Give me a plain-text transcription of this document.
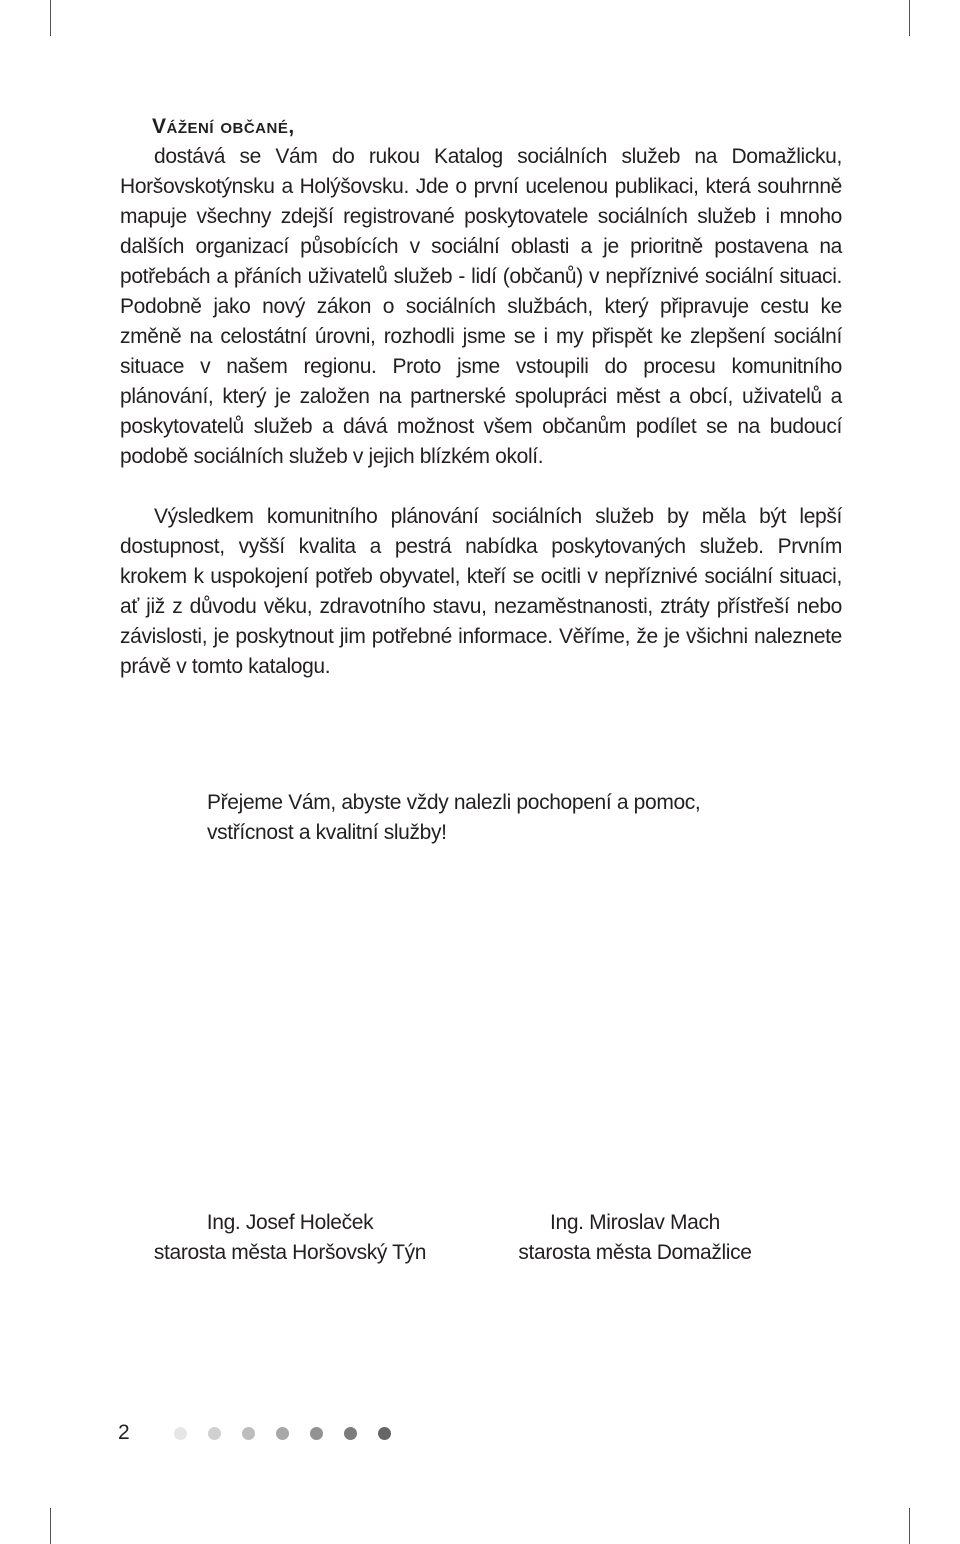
Vážení občané,

dostává se Vám do rukou Katalog sociálních služeb na Domažlicku, Horšovskotýnsku a Holýšovsku. Jde o první ucelenou publikaci, která souhrnně mapuje všechny zdejší registrované poskytovatele sociálních služeb i mnoho dalších organizací působících v sociální oblasti a je prioritně postavena na potřebách a přáních uživatelů služeb - lidí (občanů) v nepříznivé sociální situaci. Podobně jako nový zákon o sociálních službách, který připravuje cestu ke změně na celostátní úrovni, rozhodli jsme se i my přispět ke zlepšení sociální situace v našem regionu. Proto jsme vstoupili do procesu komunitního plánování, který je založen na partnerské spolupráci měst a obcí, uživatelů a poskytovatelů služeb a dává možnost všem občanům podílet se na budoucí podobě sociálních služeb v jejich blízkém okolí.

Výsledkem komunitního plánování sociálních služeb by měla být lepší dostupnost, vyšší kvalita a pestrá nabídka poskytovaných služeb. Prvním krokem k uspokojení potřeb obyvatel, kteří se ocitli v nepříznivé sociální situaci, ať již z důvodu věku, zdravotního stavu, nezaměstnanosti, ztráty přístřeší nebo závislosti, je poskytnout jim potřebné informace. Věříme, že je všichni naleznete právě v tomto katalogu.

Přejeme Vám, abyste vždy nalezli pochopení a pomoc,
vstřícnost a kvalitní služby!
Ing. Josef Holeček
starosta města Horšovský Týn
Ing. Miroslav Mach
starosta města Domažlice
2
